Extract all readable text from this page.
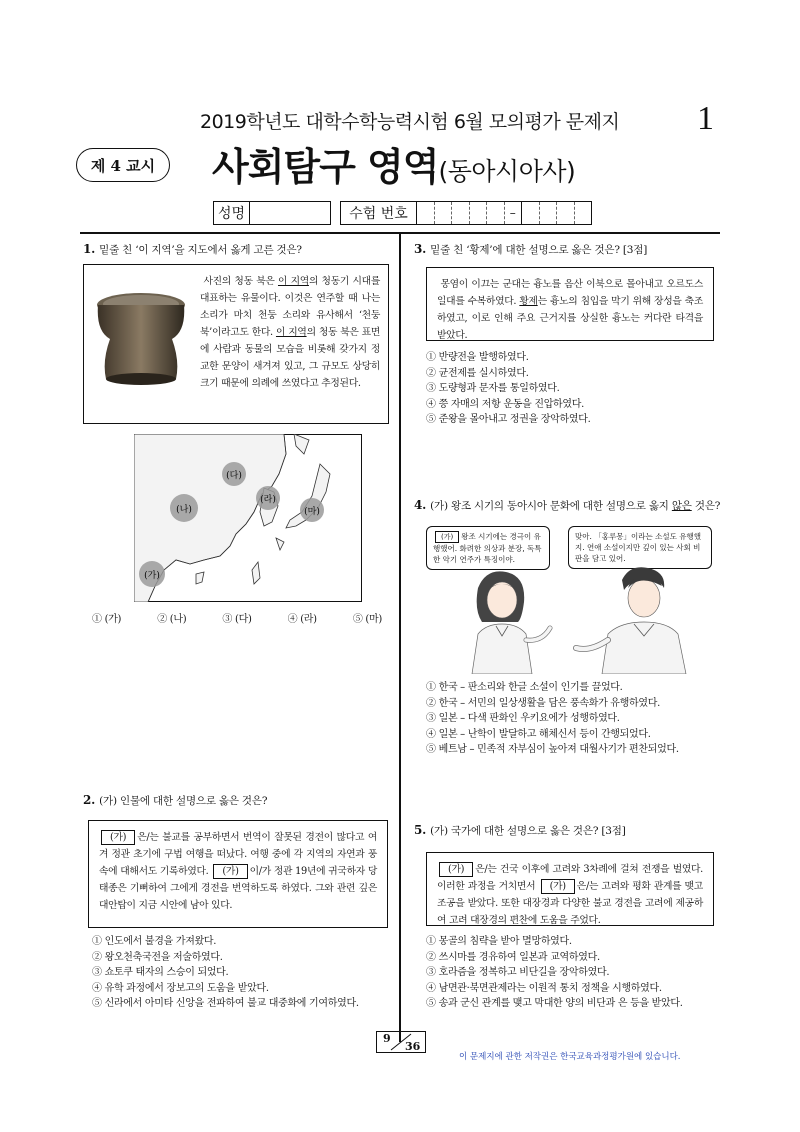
2019학년도 대학수학능력시험 6월 모의평가 문제지 1
제 4 교시	사회탐구 영역(동아시아사)
성명	수험 번호	–
1. 밑줄 친 ‘이 지역’을 지도에서 옳게 고른 것은?
사진의 청동 북은 이 지역의 청동기 시대를 대표하는 유물이다. 이것은 연주할 때 나는 소리가 마치 천둥 소리와 유사해서 ‘천둥 북’이라고도 한다. 이 지역의 청동 북은 표면에 사람과 동물의 모습을 비롯해 갖가지 정교한 문양이 새겨져 있고, 그 규모도 상당히 크기 때문에 의례에 쓰였다고 추정된다.
(다)
(나)
(라)
(마)
(가)
① (가)	② (나)	③ (다)	④ (라)	⑤ (마)
2. (가) 인물에 대한 설명으로 옳은 것은?
(가) 은/는 불교를 공부하면서 번역이 잘못된 경전이 많다고 여겨 정관 초기에 구법 여행을 떠났다. 여행 중에 각 지역의 자연과 풍속에 대해서도 기록하였다. (가) 이/가 정관 19년에 귀국하자 당 태종은 기뻐하여 그에게 경전을 번역하도록 하였다. 그와 관련 깊은 대안탑이 지금 시안에 남아 있다.
① 인도에서 불경을 가져왔다.
② 왕오천축국전을 저술하였다.
③ 쇼토쿠 태자의 스승이 되었다.
④ 유학 과정에서 장보고의 도움을 받았다.
⑤ 신라에서 아미타 신앙을 전파하여 불교 대중화에 기여하였다.
3. 밑줄 친 ‘황제’에 대한 설명으로 옳은 것은? [3점]
몽염이 이끄는 군대는 흉노를 음산 이북으로 몰아내고 오르도스 일대를 수복하였다. 황제는 흉노의 침입을 막기 위해 장성을 축조하였고, 이로 인해 주요 근거지를 상실한 흉노는 커다란 타격을 받았다.
① 반량전을 발행하였다.
② 균전제를 실시하였다.
③ 도량형과 문자를 통일하였다.
④ 쯩 자매의 저항 운동을 진압하였다.
⑤ 준왕을 몰아내고 정권을 장악하였다.
4. (가) 왕조 시기의 동아시아 문화에 대한 설명으로 옳지 않은 것은?
(가) 왕조 시기에는 경극이 유행했어. 화려한 의상과 분장, 독특한 악기 연주가 특징이야.
맞아. 「홍루몽」이라는 소설도 유행했지. 연애 소설이지만 깊이 있는 사회 비판을 담고 있어.
① 한국 – 판소리와 한글 소설이 인기를 끌었다.
② 한국 – 서민의 일상생활을 담은 풍속화가 유행하였다.
③ 일본 – 다색 판화인 우키요에가 성행하였다.
④ 일본 – 난학이 발달하고 해체신서 등이 간행되었다.
⑤ 베트남 – 민족적 자부심이 높아져 대월사기가 편찬되었다.
5. (가) 국가에 대한 설명으로 옳은 것은? [3점]
(가) 은/는 건국 이후에 고려와 3차례에 걸쳐 전쟁을 벌였다. 이러한 과정을 거치면서 (가) 은/는 고려와 평화 관계를 맺고 조공을 받았다. 또한 대장경과 다양한 불교 경전을 고려에 제공하여 고려 대장경의 편찬에 도움을 주었다.
① 몽골의 침략을 받아 멸망하였다.
② 쓰시마를 경유하여 일본과 교역하였다.
③ 호라즘을 정복하고 비단길을 장악하였다.
④ 남면관·북면관제라는 이원적 통치 정책을 시행하였다.
⑤ 송과 군신 관계를 맺고 막대한 양의 비단과 은 등을 받았다.
9
36
이 문제지에 관한 저작권은 한국교육과정평가원에 있습니다.
